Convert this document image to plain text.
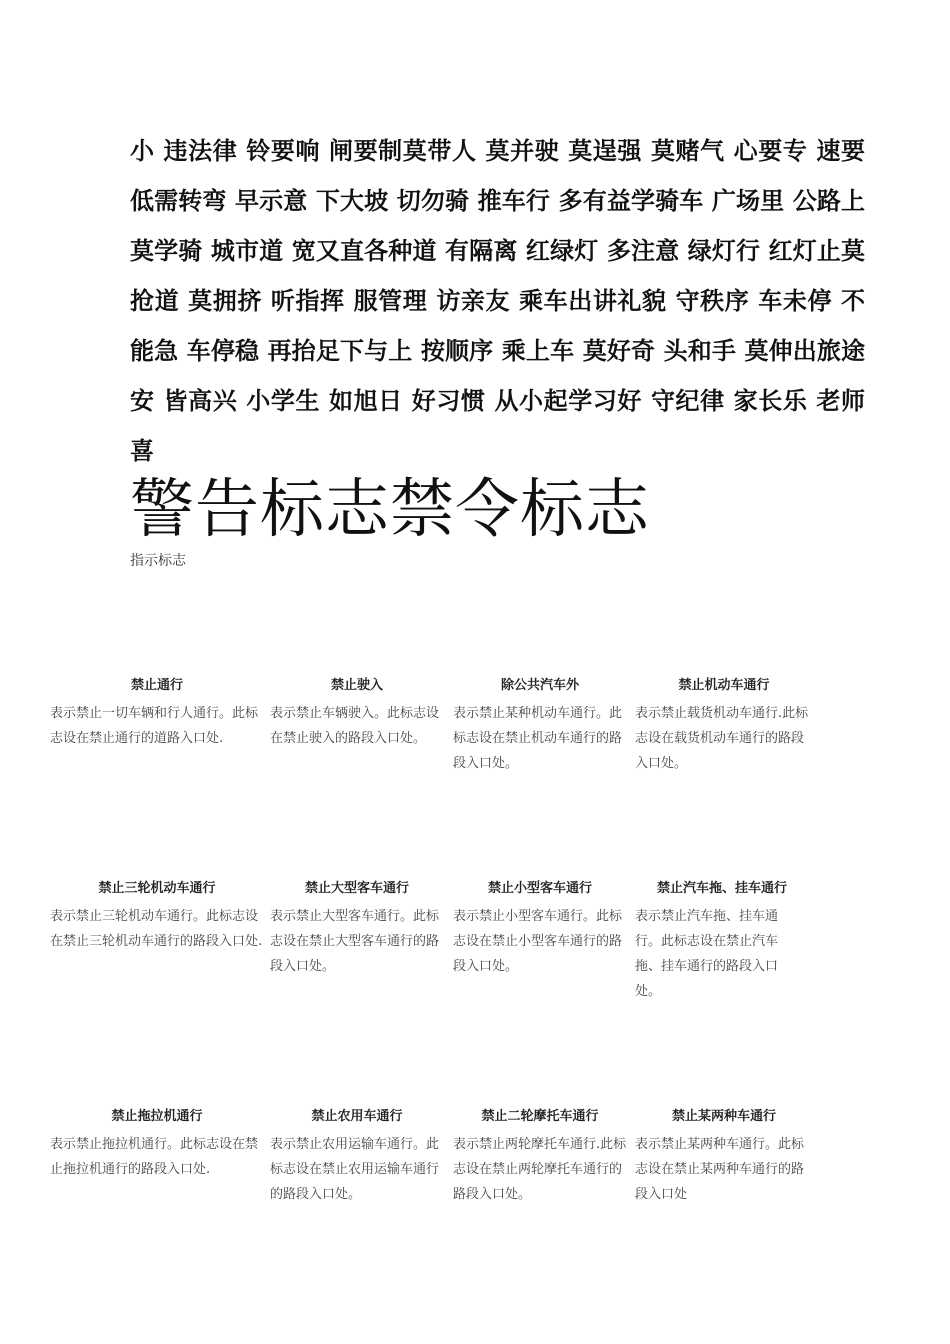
小 违法律 铃要响 闸要制莫带人 莫并驶 莫逞强 莫赌气 心要专 速要低需转弯 早示意 下大坡 切勿骑 推车行 多有益学骑车 广场里 公路上 莫学骑 城市道 宽又直各种道 有隔离 红绿灯 多注意 绿灯行 红灯止莫抢道 莫拥挤 听指挥 服管理 访亲友 乘车出讲礼貌 守秩序 车未停 不能急 车停稳 再抬足下与上 按顺序 乘上车 莫好奇 头和手 莫伸出旅途安 皆高兴 小学生 如旭日 好习惯 从小起学习好 守纪律 家长乐 老师喜

警告标志禁令标志
指示标志
禁止通行

表示禁止一切车辆和行人通行。此标志设在禁止通行的道路入口处.

禁止驶入

表示禁止车辆驶入。此标志设在禁止驶入的路段入口处。

除公共汽车外

表示禁止某种机动车通行。此标志设在禁止机动车通行的路段入口处。

禁止机动车通行

表示禁止载货机动车通行.此标志设在载货机动车通行的路段入口处。

禁止三轮机动车通行

表示禁止三轮机动车通行。此标志设在禁止三轮机动车通行的路段入口处.

禁止大型客车通行

表示禁止大型客车通行。此标志设在禁止大型客车通行的路段入口处。

禁止小型客车通行

表示禁止小型客车通行。此标志设在禁止小型客车通行的路段入口处。

禁止汽车拖、挂车通行

表示禁止汽车拖、挂车通行。此标志设在禁止汽车拖、挂车通行的路段入口处。

禁止拖拉机通行

表示禁止拖拉机通行。此标志设在禁止拖拉机通行的路段入口处.

禁止农用车通行

表示禁止农用运输车通行。此标志设在禁止农用运输车通行的路段入口处。

禁止二轮摩托车通行

表示禁止两轮摩托车通行.此标志设在禁止两轮摩托车通行的路段入口处。

禁止某两种车通行

表示禁止某两种车通行。此标志设在禁止某两种车通行的路段入口处
